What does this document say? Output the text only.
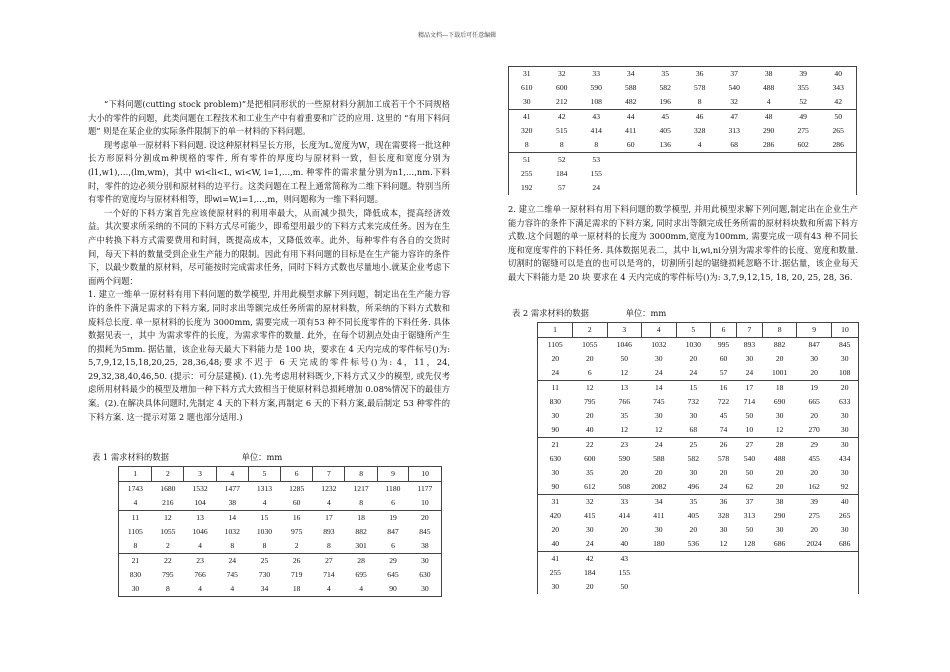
精品文档---下载后可任意编辑

“下料问题(cutting stock problem)”是把相同形状的一些原材料分割加工成若干个不同规格大小的零件的问题，此类问题在工程技术和工业生产中有着重要和广泛的应用. 这里的 “有用下料问题” 则是在某企业的实际条件限制下的单一材料的下料问题。

现考虑单一原材料下料问题. 设这种原材料呈长方形，长度为L,宽度为W，现在需要将一批这种长方形原料分割成m种规格的零件, 所有零件的厚度均与原材料一致，但长度和宽度分别为(l1,w1),…,(lm,wm)，其中 wi<li<L, wi<W, i=1,…,m. 种零件的需求量分别为n1,…,nm.下料时，零件的边必须分别和原材料的边平行。这类问题在工程上通常简称为二维下料问题。特别当所有零件的宽度均与原材料相等，即wi=W,i=1,…,m，则问题称为一维下料问题。

一个好的下料方案首先应该使原材料的利用率最大，从而减少损失，降低成本，提高经济效益。其次要求所采纳的不同的下料方式尽可能少，即希望用最少的下料方式来完成任务。因为在生产中转换下料方式需要费用和时间，既提高成本，又降低效率。此外，每种零件有各自的交货时间，每天下料的数量受到企业生产能力的限制。因此有用下料问题的目标是在生产能力容许的条件下，以最少数量的原材料，尽可能按时完成需求任务，同时下料方式数也尽量地小.就某企业考虑下面两个问题：

1. 建立一维单一原材料有用下料问题的数学模型, 并用此模型求解下列问题，制定出在生产能力容许的条件下满足需求的下料方案, 同时求出等额完成任务所需的原材料数，所采纳的下料方式数和废料总长度. 单一原材料的长度为 3000mm, 需要完成一项有53 种不同长度零件的下料任务. 具体数据见表一，其中 为需求零件的长度，为需求零件的数量. 此外，在每个切割点处由于锯缝所产生的损耗为5mm. 据估量，该企业每天最大下料能力是 100 块，要求在 4 天内完成的零件标号()为: 5,7,9,12,15,18,20,25, 28,36,48;要求不迟于 6 天完成的零件标号()为: 4，11，24, 29,32,38,40,46,50. (提示：可分层建模). (1).先考虑用材料既少,下料方式又少的模型, 或先仅考虑所用材料最少的模型及增加一种下料方式大致相当于使原材料总损耗增加 0.08%情况下的最佳方案。(2).在解决具体问题时,先制定 4 天的下料方案,再制定 6 天的下料方案,最后制定 53 种零件的下料方案. 这一提示对第 2 题也部分适用.)

表 1 需求材料的数据	单位：mm
1	2	3	4	5	6	7	8	9	10
1743	1680	1532	1477	1313	1285	1232	1217	1180	1177
4	216	104	38	4	60	4	8	6	10
11	12	13	14	15	16	17	18	19	20
1105	1055	1046	1032	1030	975	893	882	847	845
8	2	4	8	8	2	8	301	6	38
21	22	23	24	25	26	27	28	29	30
830	795	766	745	730	719	714	695	645	630
30	8	4	4	34	18	4	4	90	30
31	32	33	34	35	36	37	38	39	40
610	600	590	588	582	578	540	488	355	343
30	212	108	482	196	8	32	4	52	42
41	42	43	44	45	46	47	48	49	50
320	515	414	411	405	328	313	290	275	265
8	8	8	60	136	4	68	286	602	286
51	52	53							
255	184	155							
192	57	24							

2. 建立二维单一原材料有用下料问题的数学模型, 并用此模型求解下列问题,制定出在企业生产能力容许的条件下满足需求的下料方案, 同时求出等额完成任务所需的原材料块数和所需下料方式数.这个问题的单一原材料的长度为 3000mm,宽度为100mm, 需要完成一项有43 种不同长度和宽度零件的下料任务. 具体数据见表二，其中 li,wi,ni分别为需求零件的长度、宽度和数量. 切割时的锯缝可以是直的也可以是弯的，切割所引起的锯缝损耗忽略不计.据估量，该企业每天最大下料能力是 20 块 要求在 4 天内完成的零件标号()为: 3,7,9,12,15, 18, 20, 25, 28, 36.

表 2 需求材料的数据	单位：mm
1	2	3	4	5	6	7	8	9	10
1105	1055	1046	1032	1030	995	893	882	847	845
20	20	50	30	20	60	30	20	30	30
24	6	12	24	24	57	24	1001	20	108
11	12	13	14	15	16	17	18	19	20
830	795	766	745	732	722	714	690	665	633
30	20	35	30	30	45	50	30	20	30
90	40	12	12	68	74	10	12	270	30
21	22	23	24	25	26	27	28	29	30
630	600	590	588	582	578	540	488	455	434
30	35	20	20	30	20	50	20	20	30
90	612	508	2082	496	24	62	20	162	92
31	32	33	34	35	36	37	38	39	40
420	415	414	411	405	328	313	290	275	265
20	30	20	30	20	30	50	30	20	30
40	24	40	180	536	12	128	686	2024	686
41	42	43							
255	184	155							
30	20	50							
